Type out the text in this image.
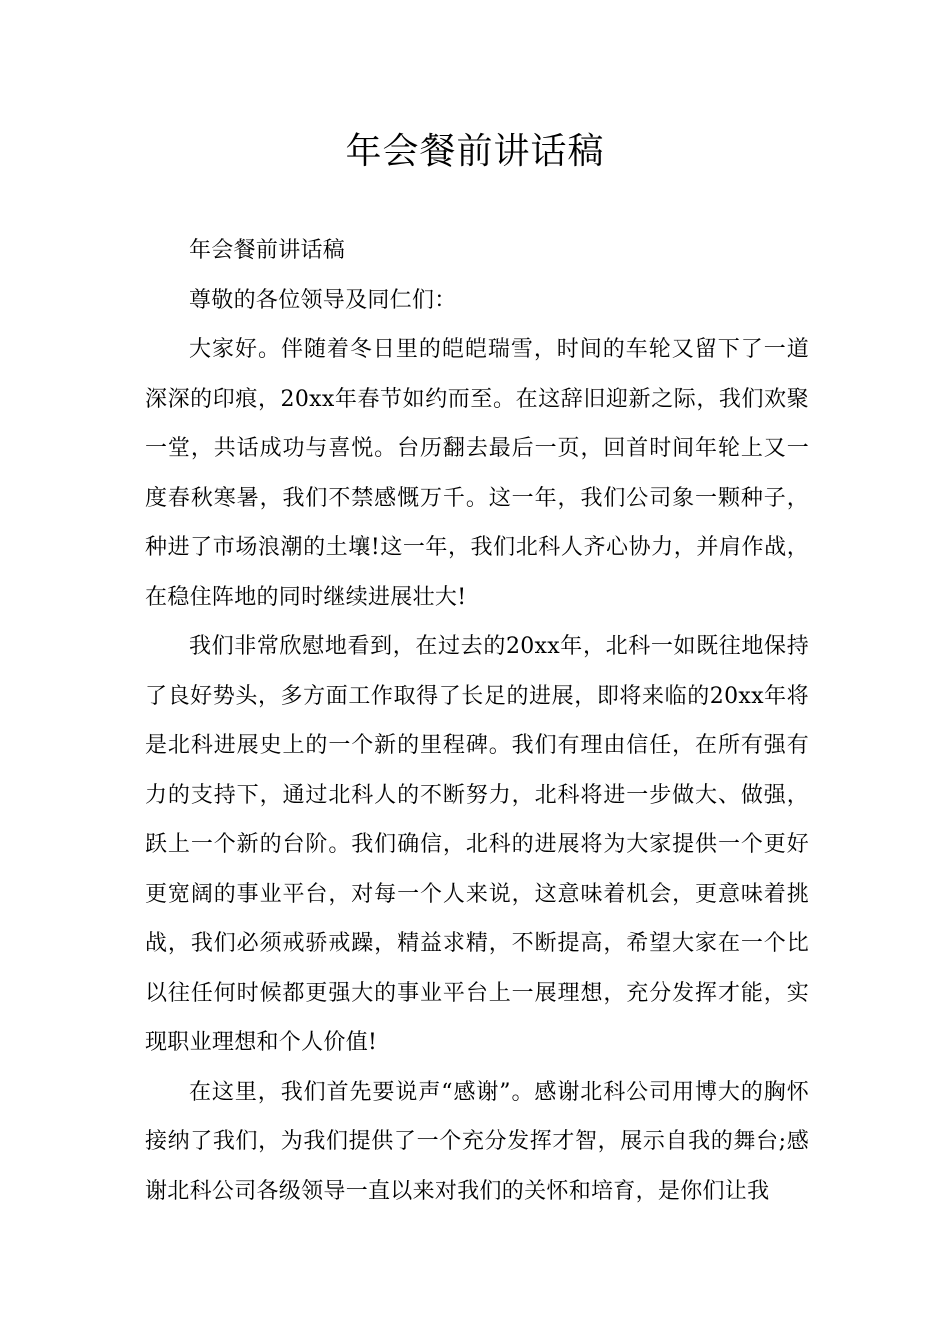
年会餐前讲话稿

年会餐前讲话稿

尊敬的各位领导及同仁们：

大家好。伴随着冬日里的皑皑瑞雪，时间的车轮又留下了一道深深的印痕，20xx年春节如约而至。在这辞旧迎新之际，我们欢聚一堂，共话成功与喜悦。台历翻去最后一页，回首时间年轮上又一度春秋寒暑，我们不禁感慨万千。这一年，我们公司象一颗种子，种进了市场浪潮的土壤!这一年，我们北科人齐心协力，并肩作战，在稳住阵地的同时继续进展壮大!

我们非常欣慰地看到，在过去的20xx年，北科一如既往地保持了良好势头，多方面工作取得了长足的进展，即将来临的20xx年将是北科进展史上的一个新的里程碑。我们有理由信任，在所有强有力的支持下，通过北科人的不断努力，北科将进一步做大、做强，跃上一个新的台阶。我们确信，北科的进展将为大家提供一个更好更宽阔的事业平台，对每一个人来说，这意味着机会，更意味着挑战，我们必须戒骄戒躁，精益求精，不断提高，希望大家在一个比以往任何时候都更强大的事业平台上一展理想，充分发挥才能，实现职业理想和个人价值!

在这里，我们首先要说声“感谢”。感谢北科公司用博大的胸怀接纳了我们，为我们提供了一个充分发挥才智，展示自我的舞台;感谢北科公司各级领导一直以来对我们的关怀和培育，是你们让我
